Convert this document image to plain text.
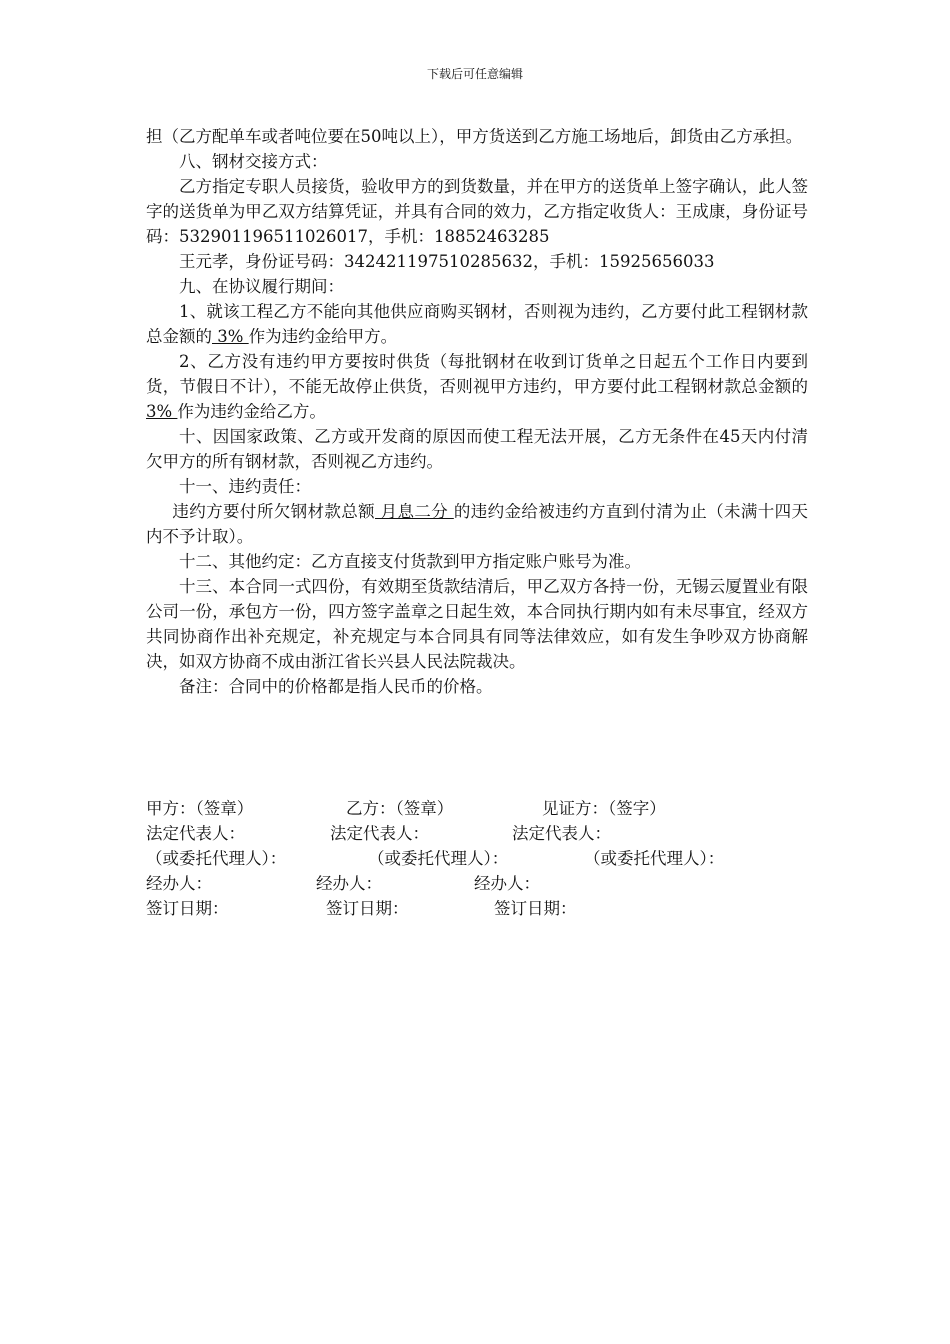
下载后可任意编辑

担（乙方配单车或者吨位要在50吨以上），甲方货送到乙方施工场地后，卸货由乙方承担。

八、钢材交接方式：

乙方指定专职人员接货，验收甲方的到货数量，并在甲方的送货单上签字确认，此人签字的送货单为甲乙双方结算凭证，并具有合同的效力，乙方指定收货人：王成康，身份证号码：532901196511026017，手机：18852463285

王元孝，身份证号码：342421197510285632，手机：15925656033

九、在协议履行期间：

1、就该工程乙方不能向其他供应商购买钢材，否则视为违约，乙方要付此工程钢材款总金额的 3% 作为违约金给甲方。

2、乙方没有违约甲方要按时供货（每批钢材在收到订货单之日起五个工作日内要到货，节假日不计），不能无故停止供货，否则视甲方违约，甲方要付此工程钢材款总金额的 3% 作为违约金给乙方。

十、因国家政策、乙方或开发商的原因而使工程无法开展，乙方无条件在45天内付清欠甲方的所有钢材款，否则视乙方违约。

十一、违约责任：

违约方要付所欠钢材款总额 月息二分 的违约金给被违约方直到付清为止（未满十四天内不予计取）。

十二、其他约定：乙方直接支付货款到甲方指定账户账号为准。

十三、本合同一式四份，有效期至货款结清后，甲乙双方各持一份，无锡云厦置业有限公司一份，承包方一份，四方签字盖章之日起生效，本合同执行期内如有未尽事宜，经双方共同协商作出补充规定，补充规定与本合同具有同等法律效应，如有发生争吵双方协商解决，如双方协商不成由浙江省长兴县人民法院裁决。

备注：合同中的价格都是指人民币的价格。

甲方：（签章）	乙方：（签章）	见证方：（签字）
法定代表人：	法定代表人：	法定代表人：
（或委托代理人）：	（或委托代理人）：	（或委托代理人）：
经办人：	经办人：	经办人：
签订日期：	签订日期：	签订日期：
